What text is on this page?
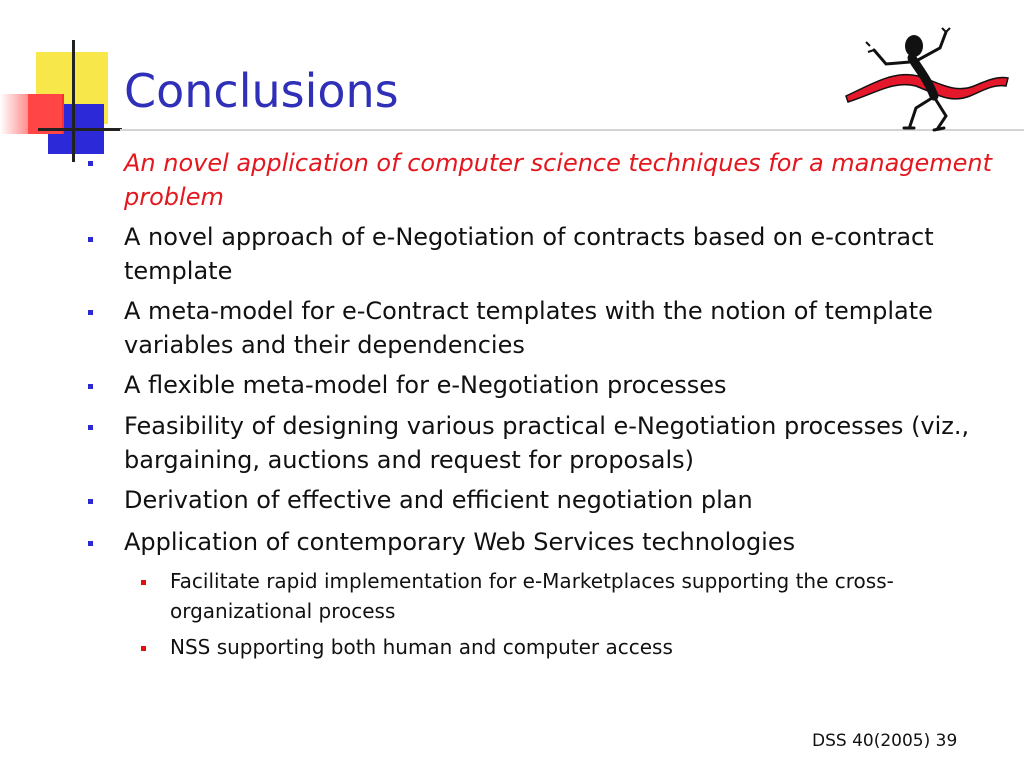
Conclusions
An novel application of computer science techniques for a management problem
A novel approach of e-Negotiation of contracts based on e-contract template
A meta-model for e-Contract templates with the notion of template variables and their dependencies
A flexible meta-model for e-Negotiation processes
Feasibility of designing various practical e-Negotiation processes (viz., bargaining, auctions and request for proposals)
Derivation of effective and efficient negotiation plan
Application of contemporary Web Services technologies
Facilitate rapid implementation for e-Marketplaces supporting the cross-organizational process
NSS supporting both human and computer access
DSS 40(2005) 39
